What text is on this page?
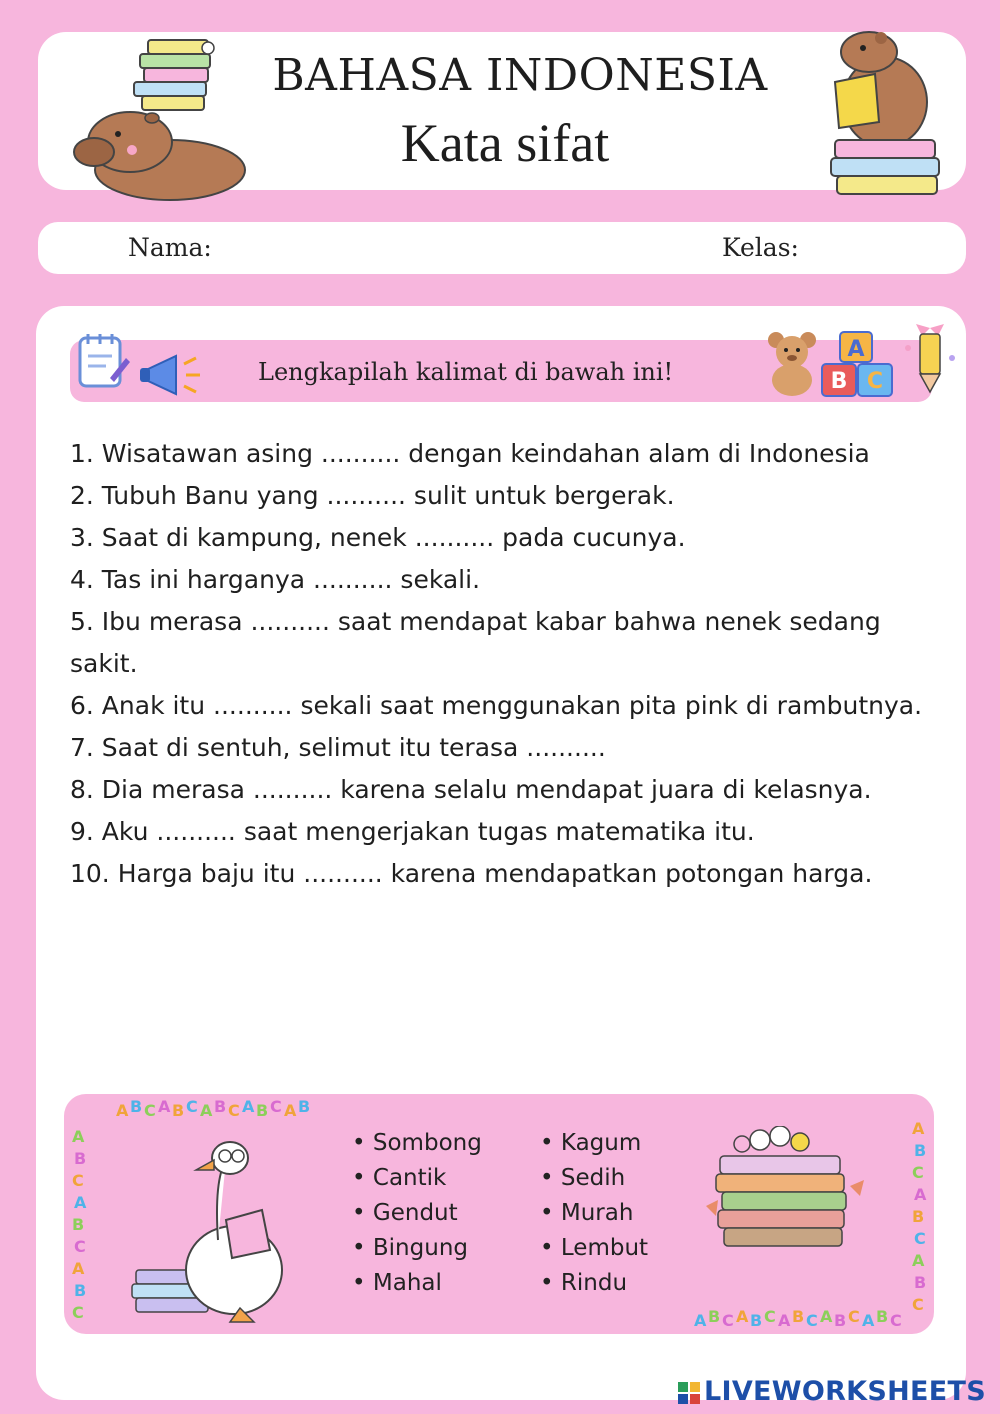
BAHASA INDONESIA
Kata sifat
Nama:	Kelas:
Lengkapilah kalimat di bawah ini!
A
B C

1. Wisatawan asing .......... dengan keindahan alam di Indonesia

2. Tubuh Banu yang .......... sulit untuk bergerak.

3. Saat di kampung, nenek .......... pada cucunya.

4. Tas ini harganya .......... sekali.

5. Ibu merasa .......... saat mendapat kabar bahwa nenek sedang sakit.

6. Anak itu .......... sekali saat menggunakan pita pink di rambutnya.

7. Saat di sentuh, selimut itu terasa ..........

8. Dia merasa .......... karena selalu mendapat juara di kelasnya.

9. Aku .......... saat mengerjakan tugas matematika itu.

10. Harga baju itu .......... karena mendapatkan potongan harga.

A B C A B C A B C A B C A B
A
B
C
A
B
C
A
B
C
A
B
C
A
B
C
A
B
C
A B C A B C A B C A B C A B C
• Sombong
• Cantik
• Gendut
• Bingung
• Mahal
• Kagum
• Sedih
• Murah
• Lembut
• Rindu
LIVEWORKSHEETS
